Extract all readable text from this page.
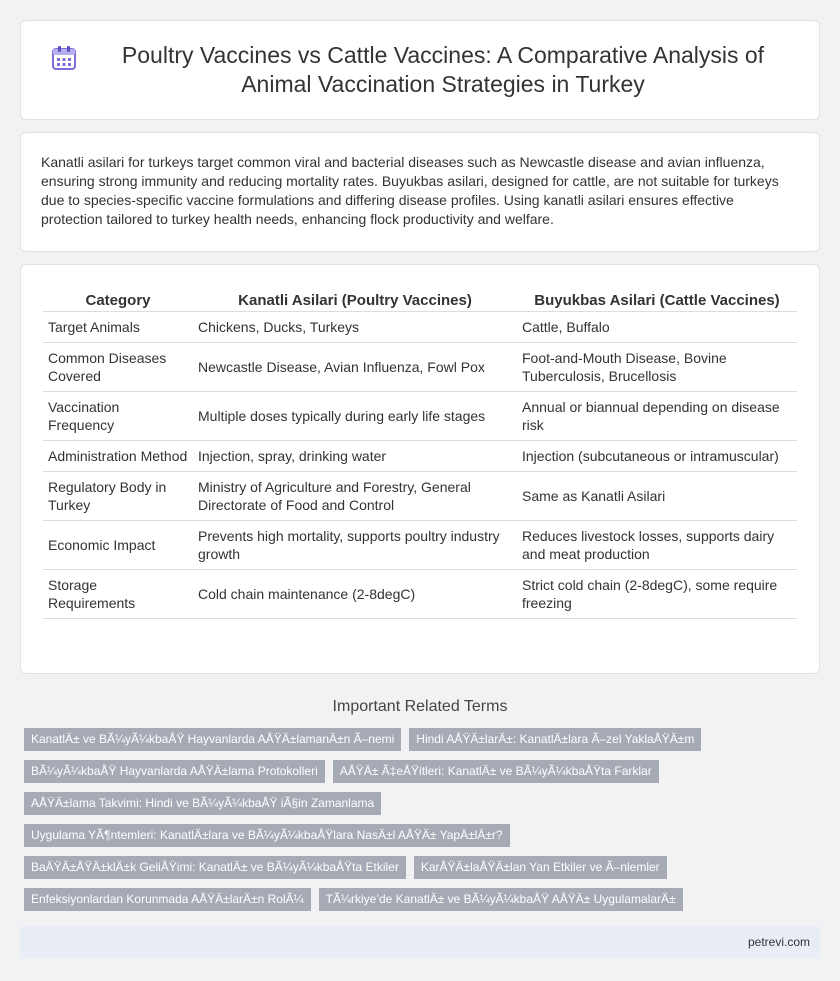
Poultry Vaccines vs Cattle Vaccines: A Comparative Analysis of Animal Vaccination Strategies in Turkey

Kanatli asilari for turkeys target common viral and bacterial diseases such as Newcastle disease and avian influenza, ensuring strong immunity and reducing mortality rates. Buyukbas asilari, designed for cattle, are not suitable for turkeys due to species-specific vaccine formulations and differing disease profiles. Using kanatli asilari ensures effective protection tailored to turkey health needs, enhancing flock productivity and welfare.

Category	Kanatli Asilari (Poultry Vaccines)	Buyukbas Asilari (Cattle Vaccines)
Target Animals	Chickens, Ducks, Turkeys	Cattle, Buffalo
Common Diseases Covered	Newcastle Disease, Avian Influenza, Fowl Pox	Foot-and-Mouth Disease, Bovine Tuberculosis, Brucellosis
Vaccination Frequency	Multiple doses typically during early life stages	Annual or biannual depending on disease risk
Administration Method	Injection, spray, drinking water	Injection (subcutaneous or intramuscular)
Regulatory Body in Turkey	Ministry of Agriculture and Forestry, General Directorate of Food and Control	Same as Kanatli Asilari
Economic Impact	Prevents high mortality, supports poultry industry growth	Reduces livestock losses, supports dairy and meat production
Storage Requirements	Cold chain maintenance (2-8degC)	Strict cold chain (2-8degC), some require freezing
Important Related Terms
KanatlÄ± ve BÃ¼yÃ¼kbaÅŸ Hayvanlarda AÅŸÄ±lamanÄ±n Ã–nemi	Hindi AÅŸÄ±larÄ±: KanatlÄ±lara Ã–zel YaklaÅŸÄ±m
BÃ¼yÃ¼kbaÅŸ Hayvanlarda AÅŸÄ±lama Protokolleri	AÅŸÄ± Ã‡eÅŸitleri: KanatlÄ± ve BÃ¼yÃ¼kbaÅŸta Farklar
AÅŸÄ±lama Takvimi: Hindi ve BÃ¼yÃ¼kbaÅŸ iÃ§in Zamanlama
Uygulama YÃ¶ntemleri: KanatlÄ±lara ve BÃ¼yÃ¼kbaÅŸlara NasÄ±l AÅŸÄ± YapÄ±lÄ±r?
BaÄŸÄ±ÅŸÄ±klÄ±k GeliÅŸimi: KanatlÄ± ve BÃ¼yÃ¼kbaÅŸta Etkiler	KarÅŸÄ±laÅŸÄ±lan Yan Etkiler ve Ã–nlemler
Enfeksiyonlardan Korunmada AÅŸÄ±larÄ±n RolÃ¼	TÃ¼rkiye’de KanatlÄ± ve BÃ¼yÃ¼kbaÅŸ AÅŸÄ± UygulamalarÄ±
petrevi.com
